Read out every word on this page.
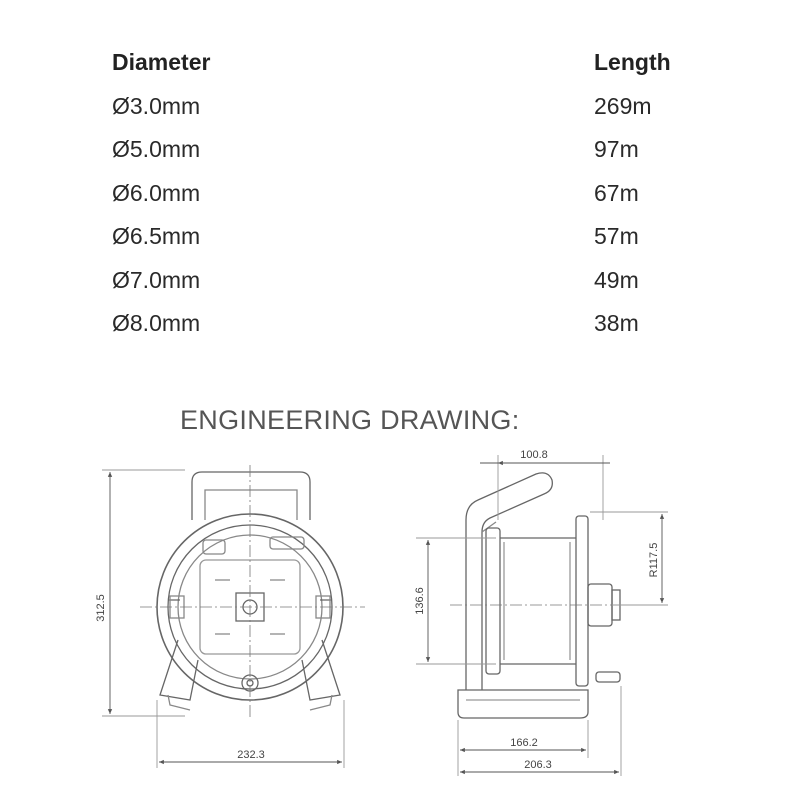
Diameter	Length
Ø3.0mm	269m
Ø5.0mm	97m
Ø6.0mm	67m
Ø6.5mm	57m
Ø7.0mm	49m
Ø8.0mm	38m
ENGINEERING DRAWING:
312.5
232.3
100.8
R117.5
136.6
166.2
206.3
